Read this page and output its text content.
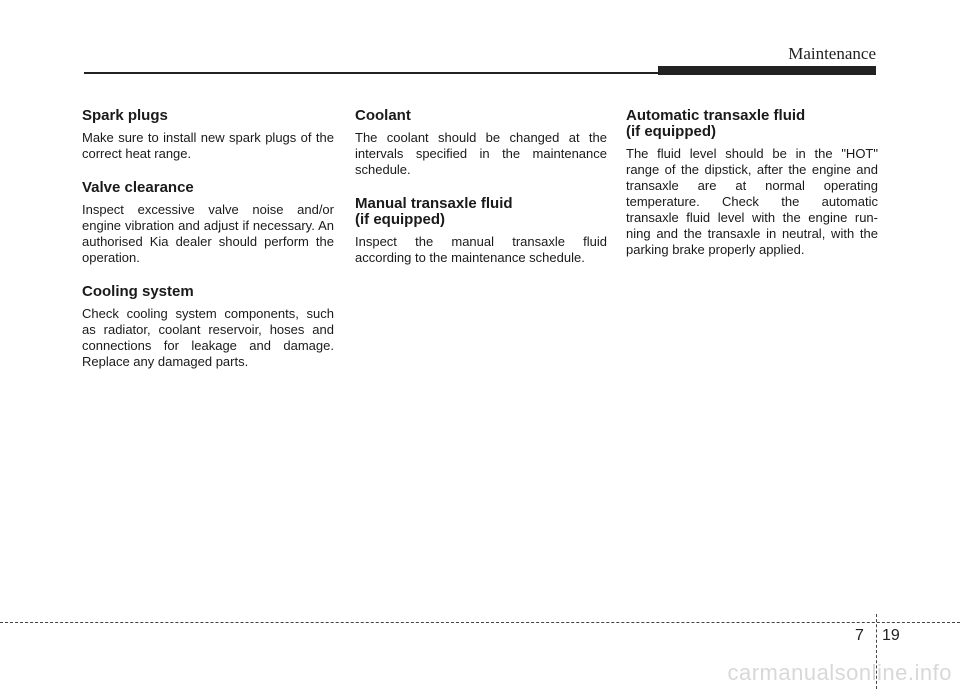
Maintenance
Spark plugs

Make sure to install new spark plugs of the correct heat range.

Valve clearance

Inspect excessive valve noise and/or engine vibration and adjust if necessary. An authorised Kia dealer should perform the operation.

Cooling system

Check cooling system components, such as radiator, coolant reservoir, hoses and connections for leakage and damage. Replace any damaged parts.

Coolant

The coolant should be changed at the intervals specified in the maintenance schedule.

Manual transaxle fluid
(if equipped)

Inspect the manual transaxle fluid according to the maintenance schedule.

Automatic transaxle fluid
(if equipped)

The fluid level should be in the "HOT" range of the dipstick, after the engine and transaxle are at normal operating temperature. Check the automatic transaxle fluid level with the engine run-ning and the transaxle in neutral, with the parking brake properly applied.

7 19
carmanualsonline.info
